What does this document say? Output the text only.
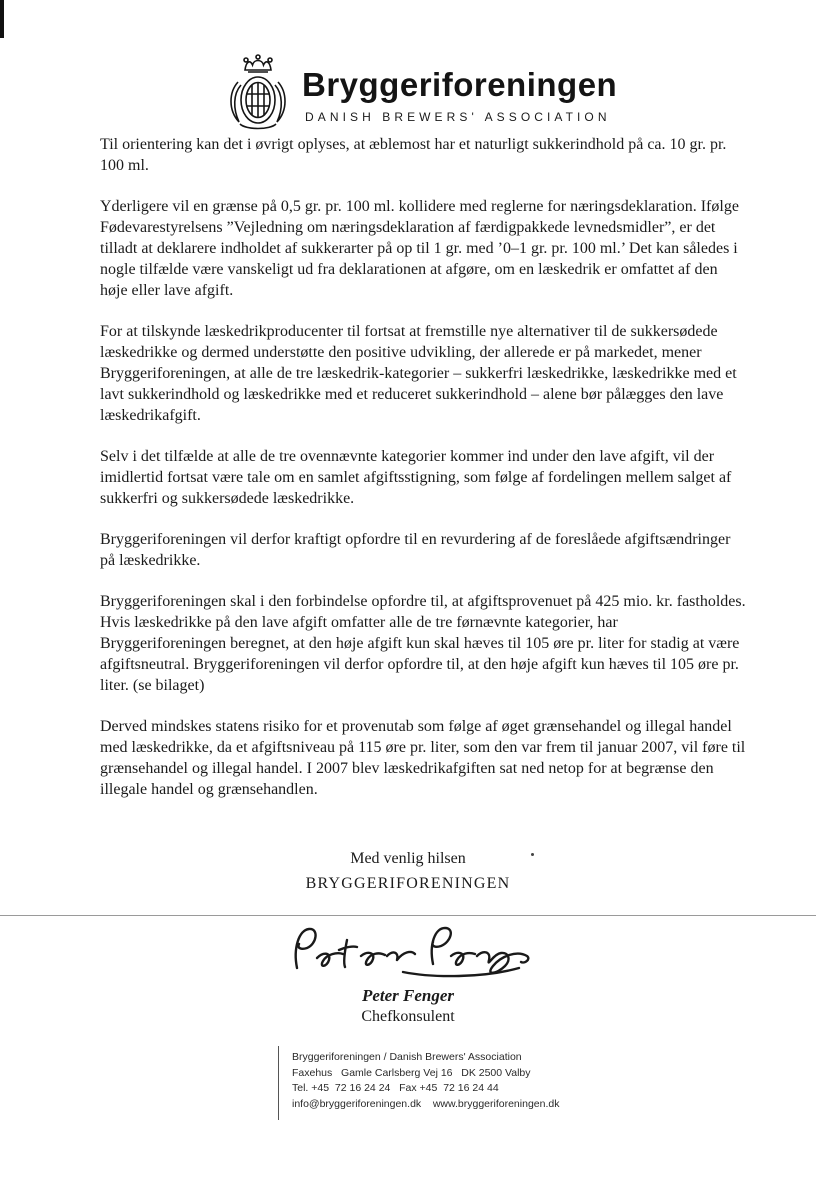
Bryggeriforeningen
DANISH BREWERS' ASSOCIATION

Til orientering kan det i øvrigt oplyses, at æblemost har et naturligt sukkerindhold på ca. 10 gr. pr. 100 ml.

Yderligere vil en grænse på 0,5 gr. pr. 100 ml. kollidere med reglerne for næringsdeklaration. Ifølge Fødevarestyrelsens ”Vejledning om næringsdeklaration af færdigpakkede levnedsmidler”, er det tilladt at deklarere indholdet af sukkerarter på op til 1 gr. med ’0–1 gr. pr. 100 ml.’ Det kan således i nogle tilfælde være vanskeligt ud fra deklarationen at afgøre, om en læskedrik er omfattet af den høje eller lave afgift.

For at tilskynde læskedrikproducenter til fortsat at fremstille nye alternativer til de sukkersødede læskedrikke og dermed understøtte den positive udvikling, der allerede er på markedet, mener Bryggeriforeningen, at alle de tre læskedrik-kategorier – sukkerfri læskedrikke, læskedrikke med et lavt sukkerindhold og læskedrikke med et reduceret sukkerindhold – alene bør pålægges den lave læskedrikafgift.

Selv i det tilfælde at alle de tre ovennævnte kategorier kommer ind under den lave afgift, vil der imidlertid fortsat være tale om en samlet afgiftsstigning, som følge af fordelingen mellem salget af sukkerfri og sukkersødede læskedrikke.

Bryggeriforeningen vil derfor kraftigt opfordre til en revurdering af de foreslåede afgiftsændringer på læskedrikke.

Bryggeriforeningen skal i den forbindelse opfordre til, at afgiftsprovenuet på 425 mio. kr. fastholdes. Hvis læskedrikke på den lave afgift omfatter alle de tre førnævnte kategorier, har Bryggeriforeningen beregnet, at den høje afgift kun skal hæves til 105 øre pr. liter for stadig at være afgiftsneutral. Bryggeriforeningen vil derfor opfordre til, at den høje afgift kun hæves til 105 øre pr. liter. (se bilaget)

Derved mindskes statens risiko for et provenutab som følge af øget grænsehandel og illegal handel med læskedrikke, da et afgiftsniveau på 115 øre pr. liter, som den var frem til januar 2007, vil føre til grænsehandel og illegal handel. I 2007 blev læskedrikafgiften sat ned netop for at begrænse den illegale handel og grænsehandlen.

Med venlig hilsen
BRYGGERIFORENINGEN
Peter Fenger
Chefkonsulent
Bryggeriforeningen / Danish Brewers' Association
Faxehus   Gamle Carlsberg Vej 16   DK 2500 Valby
Tel. +45  72 16 24 24   Fax +45  72 16 24 44
info@bryggeriforeningen.dk    www.bryggeriforeningen.dk
